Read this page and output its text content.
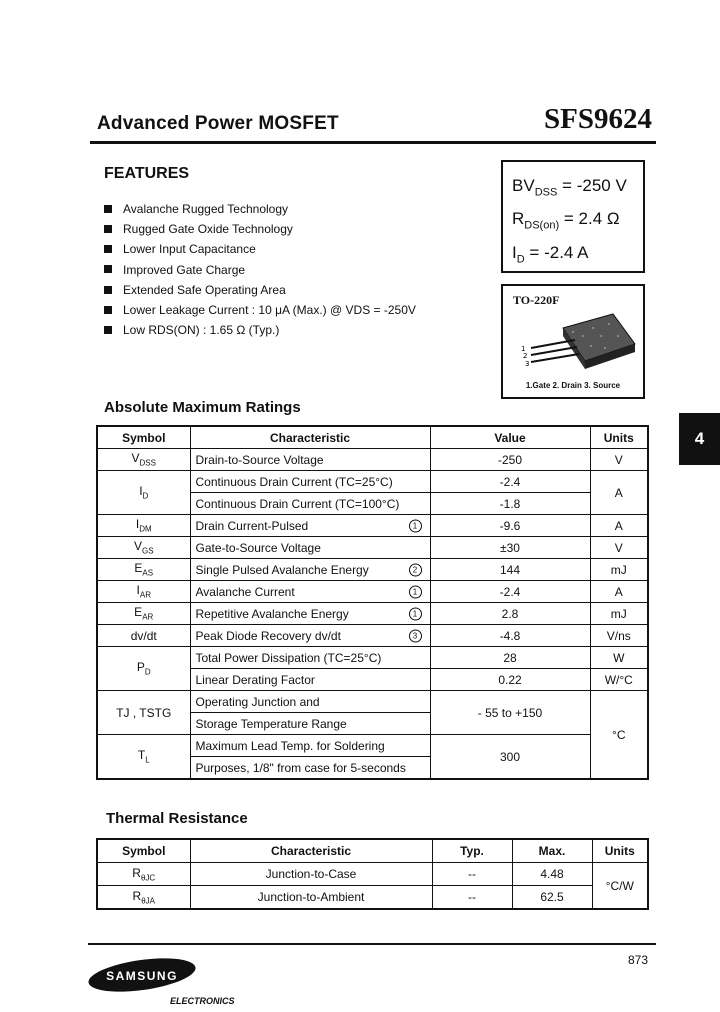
Advanced Power MOSFET	SFS9624
FEATURES
Avalanche Rugged Technology
Rugged Gate Oxide Technology
Lower Input Capacitance
Improved Gate Charge
Extended Safe Operating Area
Lower Leakage Current : 10 μA (Max.) @ VDS = -250V
Low RDS(ON) : 1.65 Ω (Typ.)
$BV_{DSS} = -250$ V
$R_{DS(on)} = 2.4$ Ω
$I_D = -2.4$ A
TO-220F
1
2
3
1.Gate 2. Drain 3. Source
4
Absolute Maximum Ratings
Symbol	Characteristic	Value	Units
$V_{DSS}$	Drain-to-Source Voltage	-250	V
$I_D$	Continuous Drain Current (TC=25°C)	-2.4	A
	Continuous Drain Current (TC=100°C)	-1.8	
$I_{DM}$	Drain Current-Pulsed 1	-9.6	A
$V_{GS}$	Gate-to-Source Voltage	±30	V
$E_{AS}$	Single Pulsed Avalanche Energy 2	144	mJ
$I_{AR}$	Avalanche Current 1	-2.4	A
$E_{AR}$	Repetitive Avalanche Energy 1	2.8	mJ
dv/dt	Peak Diode Recovery dv/dt 3	-4.8	V/ns
$P_D$	Total Power Dissipation (TC=25°C)	28	W
	Linear Derating Factor	0.22	W/°C
TJ , TSTG	Operating Junction and	- 55 to +150	°C
	Storage Temperature Range		
$T_L$	Maximum Lead Temp. for Soldering	300	
	Purposes, 1/8" from case for 5-seconds		
Thermal Resistance
Symbol	Characteristic	Typ.	Max.	Units
$R_{\theta JC}$	Junction-to-Case	--	4.48	°C/W
$R_{\theta JA}$	Junction-to-Ambient	--	62.5	
873
SAMSUNG
ELECTRONICS
